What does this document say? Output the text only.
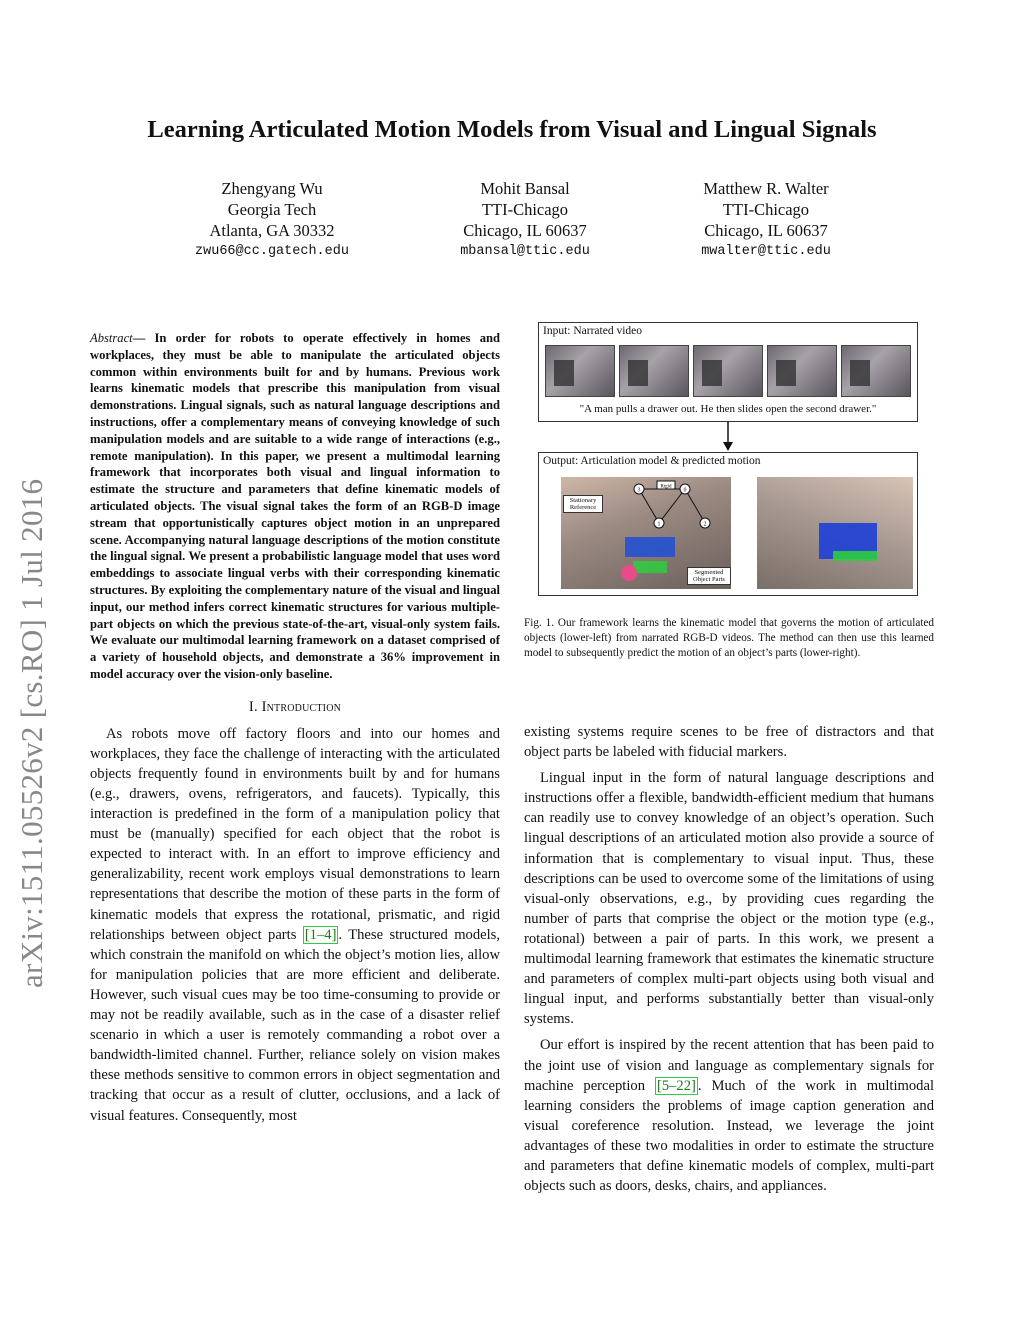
Learning Articulated Motion Models from Visual and Lingual Signals
Zhengyang Wu
Georgia Tech
Atlanta, GA 30332
zwu66@cc.gatech.edu
Mohit Bansal
TTI-Chicago
Chicago, IL 60637
mbansal@ttic.edu
Matthew R. Walter
TTI-Chicago
Chicago, IL 60637
mwalter@ttic.edu
arXiv:1511.05526v2 [cs.RO] 1 Jul 2016

Abstract— In order for robots to operate effectively in homes and workplaces, they must be able to manipulate the articulated objects common within environments built for and by humans. Previous work learns kinematic models that prescribe this manipulation from visual demonstrations. Lingual signals, such as natural language descriptions and instructions, offer a complementary means of conveying knowledge of such manipulation models and are suitable to a wide range of interactions (e.g., remote manipulation). In this paper, we present a multimodal learning framework that incorporates both visual and lingual information to estimate the structure and parameters that define kinematic models of articulated objects. The visual signal takes the form of an RGB-D image stream that opportunistically captures object motion in an unprepared scene. Accompanying natural language descriptions of the motion constitute the lingual signal. We present a probabilistic language model that uses word embeddings to associate lingual verbs with their corresponding kinematic structures. By exploiting the complementary nature of the visual and lingual input, our method infers correct kinematic structures for various multiple-part objects on which the previous state-of-the-art, visual-only system fails. We evaluate our multimodal learning framework on a dataset comprised of a variety of household objects, and demonstrate a 36% improvement in model accuracy over the vision-only baseline.

I. Introduction

As robots move off factory floors and into our homes and workplaces, they face the challenge of interacting with the articulated objects frequently found in environments built by and for humans (e.g., drawers, ovens, refrigerators, and faucets). Typically, this interaction is predefined in the form of a manipulation policy that must be (manually) specified for each object that the robot is expected to interact with. In an effort to improve efficiency and generalizability, recent work employs visual demonstrations to learn representations that describe the motion of these parts in the form of kinematic models that express the rotational, prismatic, and rigid relationships between object parts [1–4] . These structured models, which constrain the manifold on which the object’s motion lies, allow for manipulation policies that are more efficient and deliberate. However, such visual cues may be too time-consuming to provide or may not be readily available, such as in the case of a disaster relief scenario in which a user is remotely commanding a robot over a bandwidth-limited channel. Further, reliance solely on vision makes these methods sensitive to common errors in object segmentation and tracking that occur as a result of clutter, occlusions, and a lack of visual features. Consequently, most

Input: Narrated video
"A man pulls a drawer out. He then slides open the second drawer."
Output: Articulation model & predicted motion
Stationary Reference
Rigid
3	0
1	2
Segmented Object Parts
Fig. 1. Our framework learns the kinematic model that governs the motion of articulated objects (lower-left) from narrated RGB-D videos. The method can then use this learned model to subsequently predict the motion of an object’s parts (lower-right).

existing systems require scenes to be free of distractors and that object parts be labeled with fiducial markers.

Lingual input in the form of natural language descriptions and instructions offer a flexible, bandwidth-efficient medium that humans can readily use to convey knowledge of an object’s operation. Such lingual descriptions of an articulated motion also provide a source of information that is complementary to visual input. Thus, these descriptions can be used to overcome some of the limitations of using visual-only observations, e.g., by providing cues regarding the number of parts that comprise the object or the motion type (e.g., rotational) between a pair of parts. In this work, we present a multimodal learning framework that estimates the kinematic structure and parameters of complex multi-part objects using both visual and lingual input, and performs substantially better than visual-only systems.

Our effort is inspired by the recent attention that has been paid to the joint use of vision and language as complementary signals for machine perception [5–22] . Much of the work in multimodal learning considers the problems of image caption generation and visual coreference resolution. Instead, we leverage the joint advantages of these two modalities in order to estimate the structure and parameters that define kinematic models of complex, multi-part objects such as doors, desks, chairs, and appliances.
